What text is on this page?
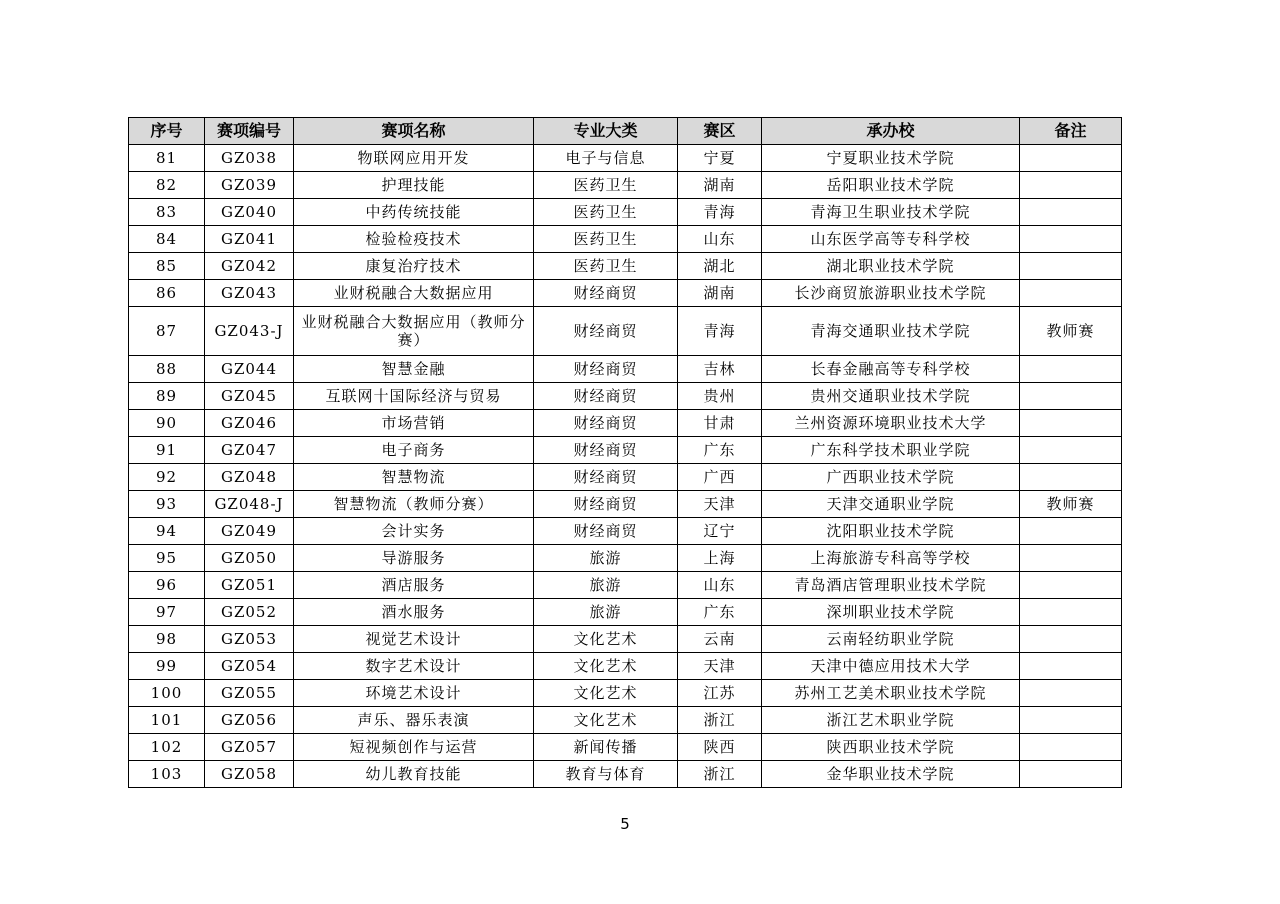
序号	赛项编号	赛项名称	专业大类	赛区	承办校	备注
81	GZ038	物联网应用开发	电子与信息	宁夏	宁夏职业技术学院	
82	GZ039	护理技能	医药卫生	湖南	岳阳职业技术学院	
83	GZ040	中药传统技能	医药卫生	青海	青海卫生职业技术学院	
84	GZ041	检验检疫技术	医药卫生	山东	山东医学高等专科学校	
85	GZ042	康复治疗技术	医药卫生	湖北	湖北职业技术学院	
86	GZ043	业财税融合大数据应用	财经商贸	湖南	长沙商贸旅游职业技术学院	
87	GZ043-J	业财税融合大数据应用（教师分赛）	财经商贸	青海	青海交通职业技术学院	教师赛
88	GZ044	智慧金融	财经商贸	吉林	长春金融高等专科学校	
89	GZ045	互联网十国际经济与贸易	财经商贸	贵州	贵州交通职业技术学院	
90	GZ046	市场营销	财经商贸	甘肃	兰州资源环境职业技术大学	
91	GZ047	电子商务	财经商贸	广东	广东科学技术职业学院	
92	GZ048	智慧物流	财经商贸	广西	广西职业技术学院	
93	GZ048-J	智慧物流（教师分赛）	财经商贸	天津	天津交通职业学院	教师赛
94	GZ049	会计实务	财经商贸	辽宁	沈阳职业技术学院	
95	GZ050	导游服务	旅游	上海	上海旅游专科高等学校	
96	GZ051	酒店服务	旅游	山东	青岛酒店管理职业技术学院	
97	GZ052	酒水服务	旅游	广东	深圳职业技术学院	
98	GZ053	视觉艺术设计	文化艺术	云南	云南轻纺职业学院	
99	GZ054	数字艺术设计	文化艺术	天津	天津中德应用技术大学	
100	GZ055	环境艺术设计	文化艺术	江苏	苏州工艺美术职业技术学院	
101	GZ056	声乐、器乐表演	文化艺术	浙江	浙江艺术职业学院	
102	GZ057	短视频创作与运营	新闻传播	陕西	陕西职业技术学院	
103	GZ058	幼儿教育技能	教育与体育	浙江	金华职业技术学院	
5
